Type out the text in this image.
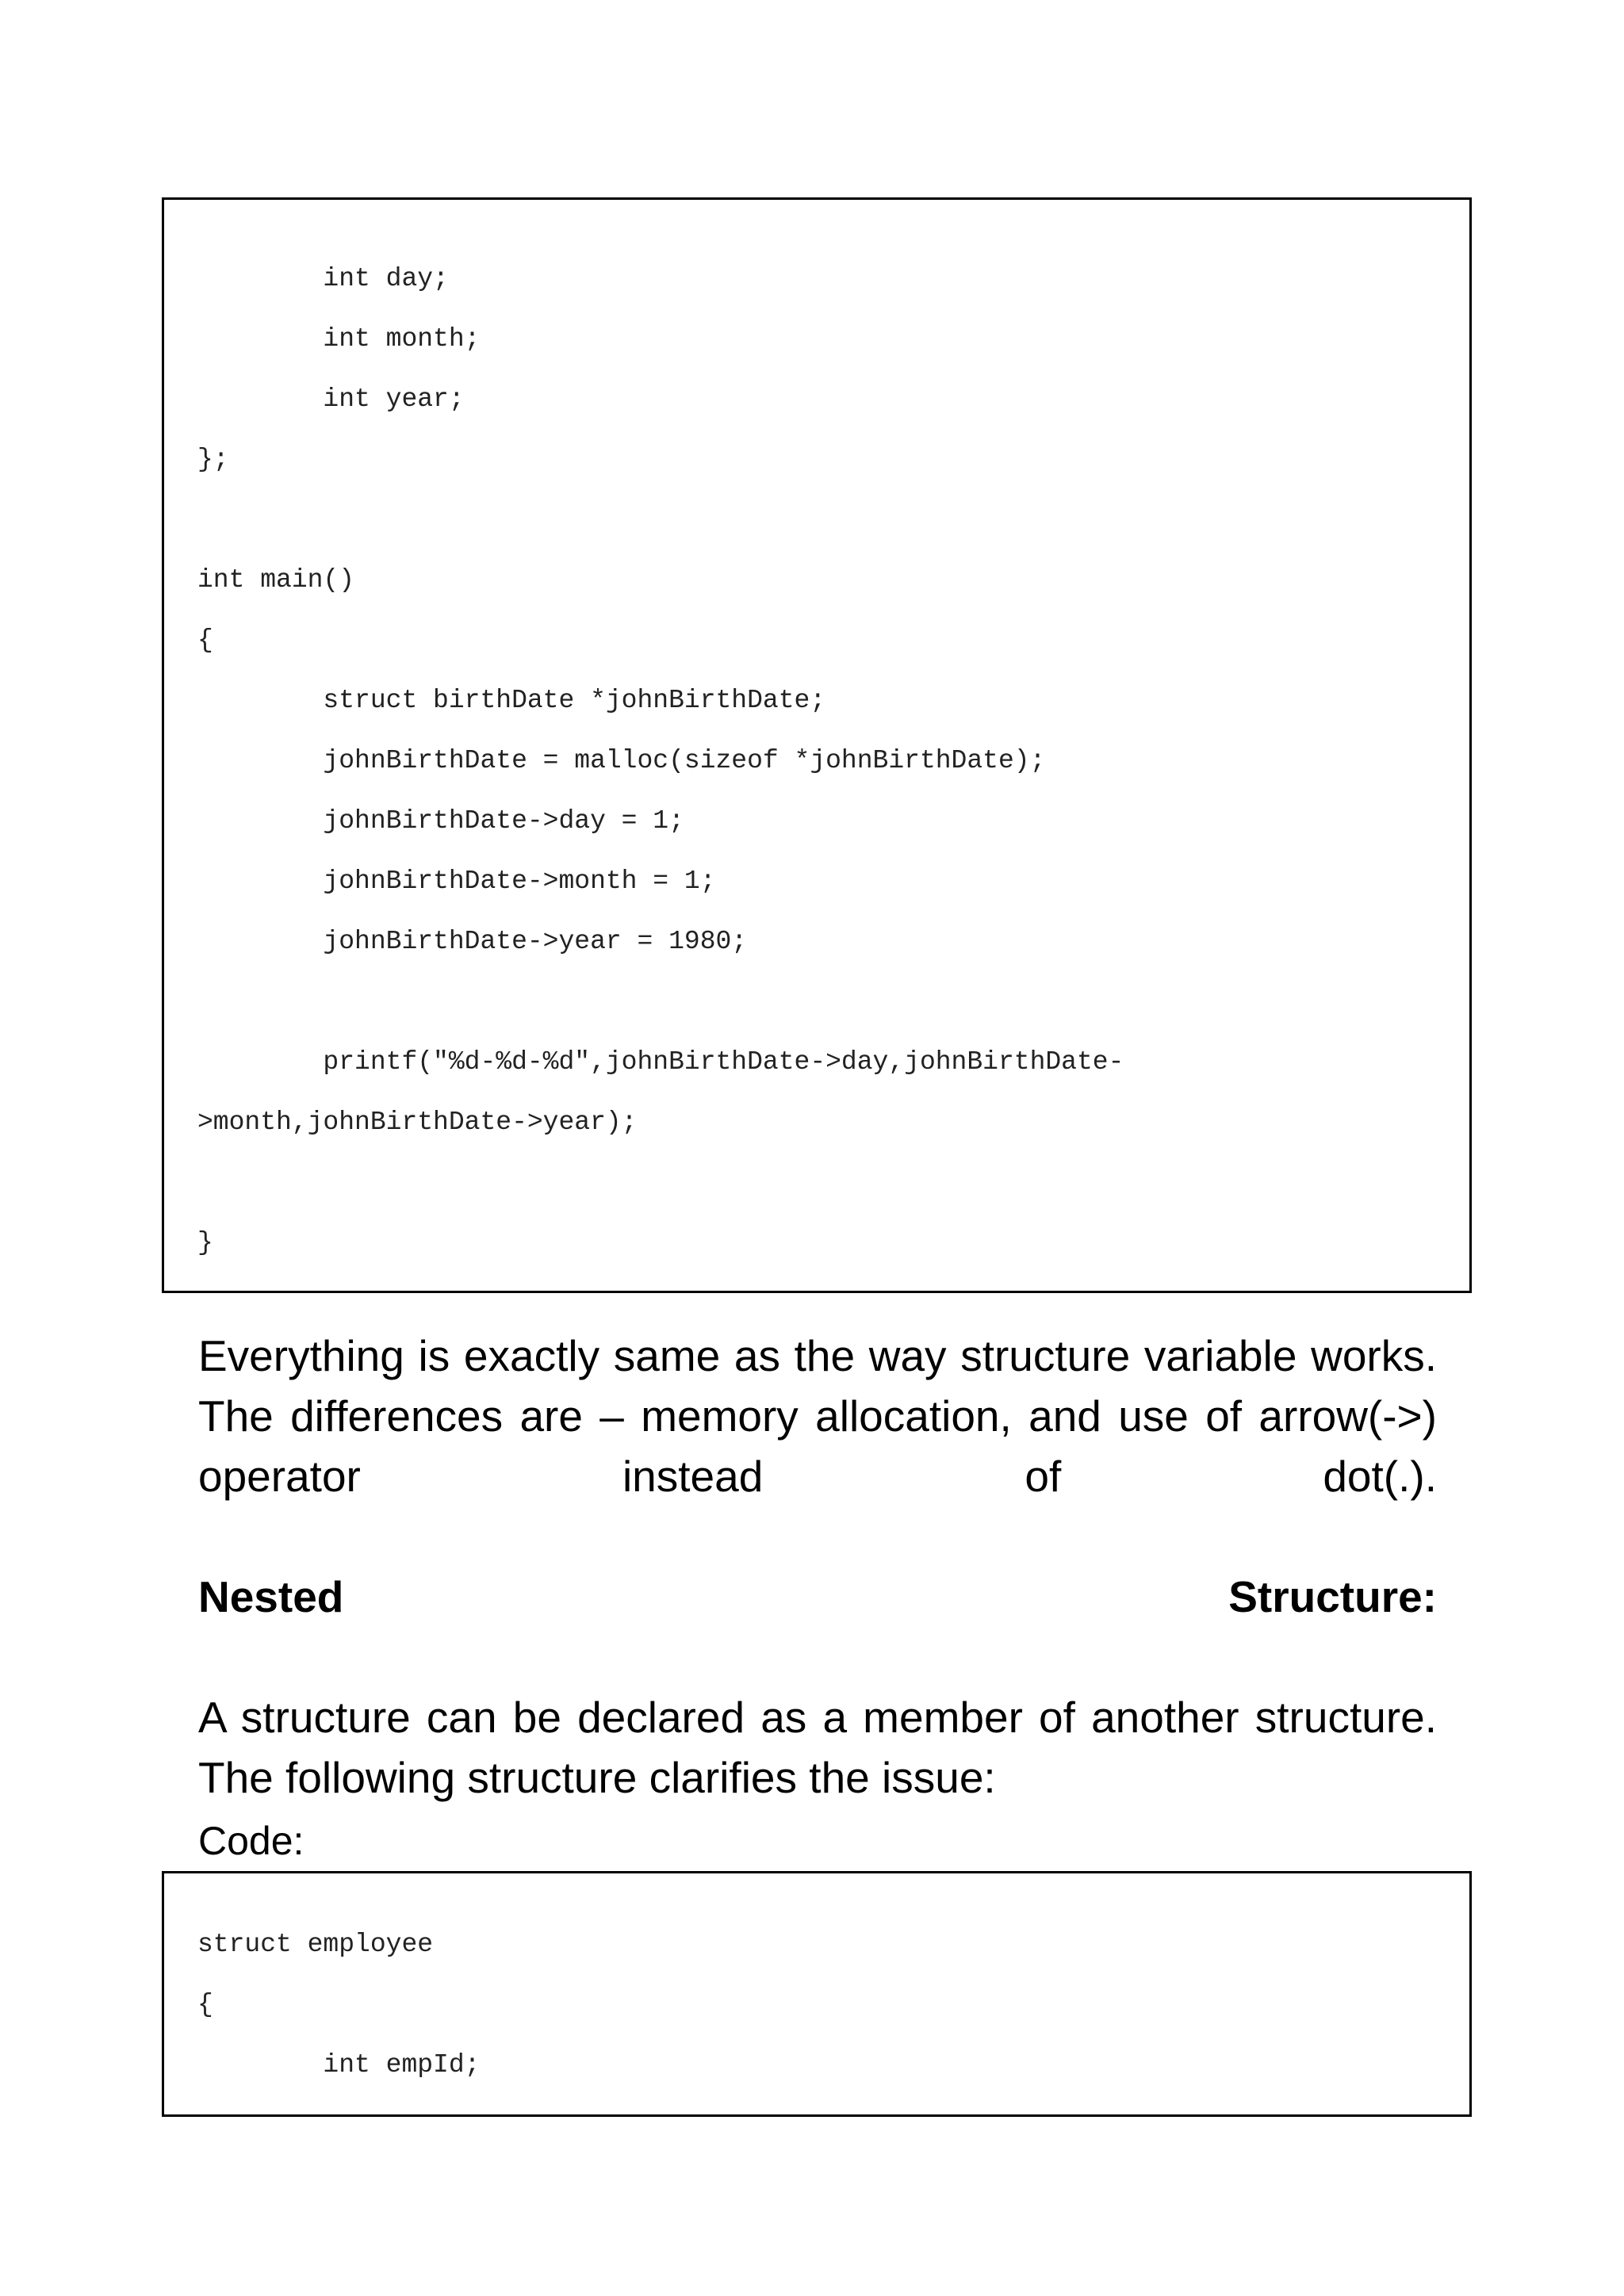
int day;
int month;
int year;
};
int main()
{
struct birthDate *johnBirthDate;
johnBirthDate = malloc(sizeof *johnBirthDate);
johnBirthDate->day = 1;
johnBirthDate->month = 1;
johnBirthDate->year = 1980;
printf("%d-%d-%d",johnBirthDate->day,johnBirthDate-
>month,johnBirthDate->year);
}
Everything is exactly same as the way structure variable works.
The differences are – memory allocation, and use of arrow(->)
operator	instead	of	dot(.).
Nested	Structure:
A structure can be declared as a member of another structure.
The following structure clarifies the issue:
Code:
struct employee
{
int empId;
